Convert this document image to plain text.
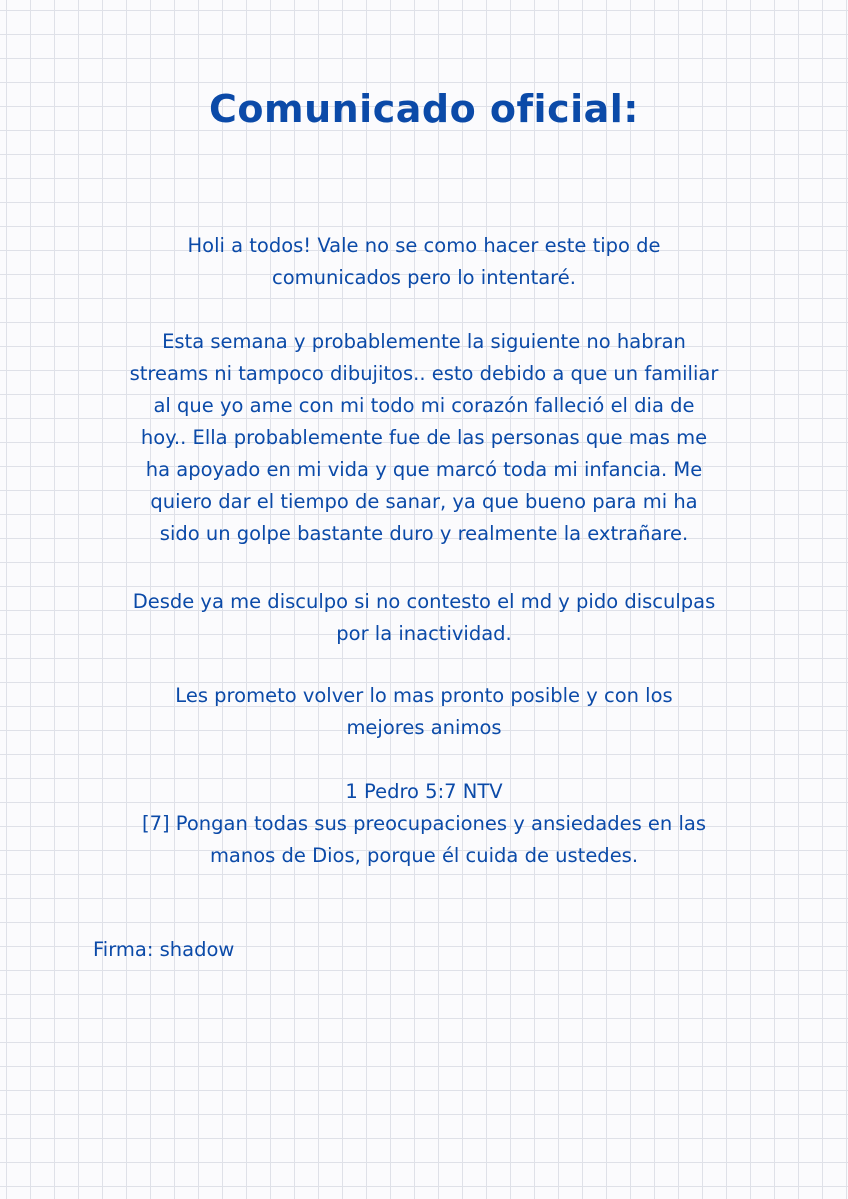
Comunicado oficial:

Holi a todos! Vale no se como hacer este tipo de
comunicados pero lo intentaré.

Esta semana y probablemente la siguiente no habran
streams ni tampoco dibujitos.. esto debido a que un familiar
al que yo ame con mi todo mi corazón falleció el dia de
hoy.. Ella probablemente fue de las personas que mas me
ha apoyado en mi vida y que marcó toda mi infancia. Me
quiero dar el tiempo de sanar, ya que bueno para mi ha
sido un golpe bastante duro y realmente la extrañare.

Desde ya me disculpo si no contesto el md y pido disculpas
por la inactividad.

Les prometo volver lo mas pronto posible y con los
mejores animos

1 Pedro 5:7 NTV
[7] Pongan todas sus preocupaciones y ansiedades en las
manos de Dios, porque él cuida de ustedes.

Firma: shadow
